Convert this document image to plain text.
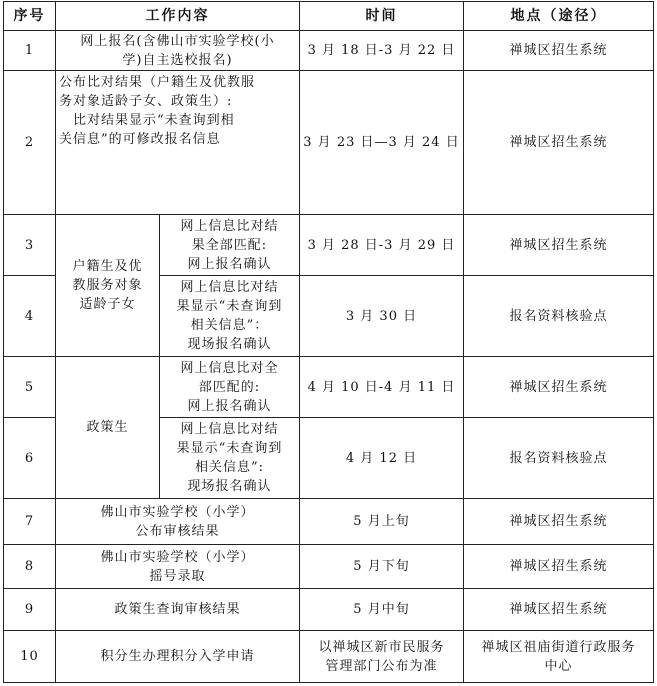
序号	工作内容		时间	地点（途径）
1	网上报名(含佛山市实验学校(小
学)自主选校报名)		3 月 18 日-3 月 22 日	禅城区招生系统
2	公布比对结果（户籍生及优教服
务对象适龄子女、政策生）:
　比对结果显示“未查询到相
关信息”的可修改报名信息		3 月 23 日—3 月 24 日	禅城区招生系统
3	户籍生及优
教服务对象
适龄子女	网上信息比对结
果全部匹配:
网上报名确认	3 月 28 日-3 月 29 日	禅城区招生系统
4		网上信息比对结
果显示“未查询到
相关信息”：
现场报名确认	3 月 30 日	报名资料核验点
5	政策生	网上信息比对全
部匹配的:
网上报名确认	4 月 10 日-4 月 11 日	禅城区招生系统
6		网上信息比对结
果显示“未查询到
相关信息”:
现场报名确认	4 月 12 日	报名资料核验点
7	佛山市实验学校（小学）
公布审核结果		5 月上旬	禅城区招生系统
8	佛山市实验学校（小学）
摇号录取		5 月下旬	禅城区招生系统
9	政策生查询审核结果		5 月中旬	禅城区招生系统
10	积分生办理积分入学申请		以禅城区新市民服务
管理部门公布为准	禅城区祖庙街道行政服务
中心
